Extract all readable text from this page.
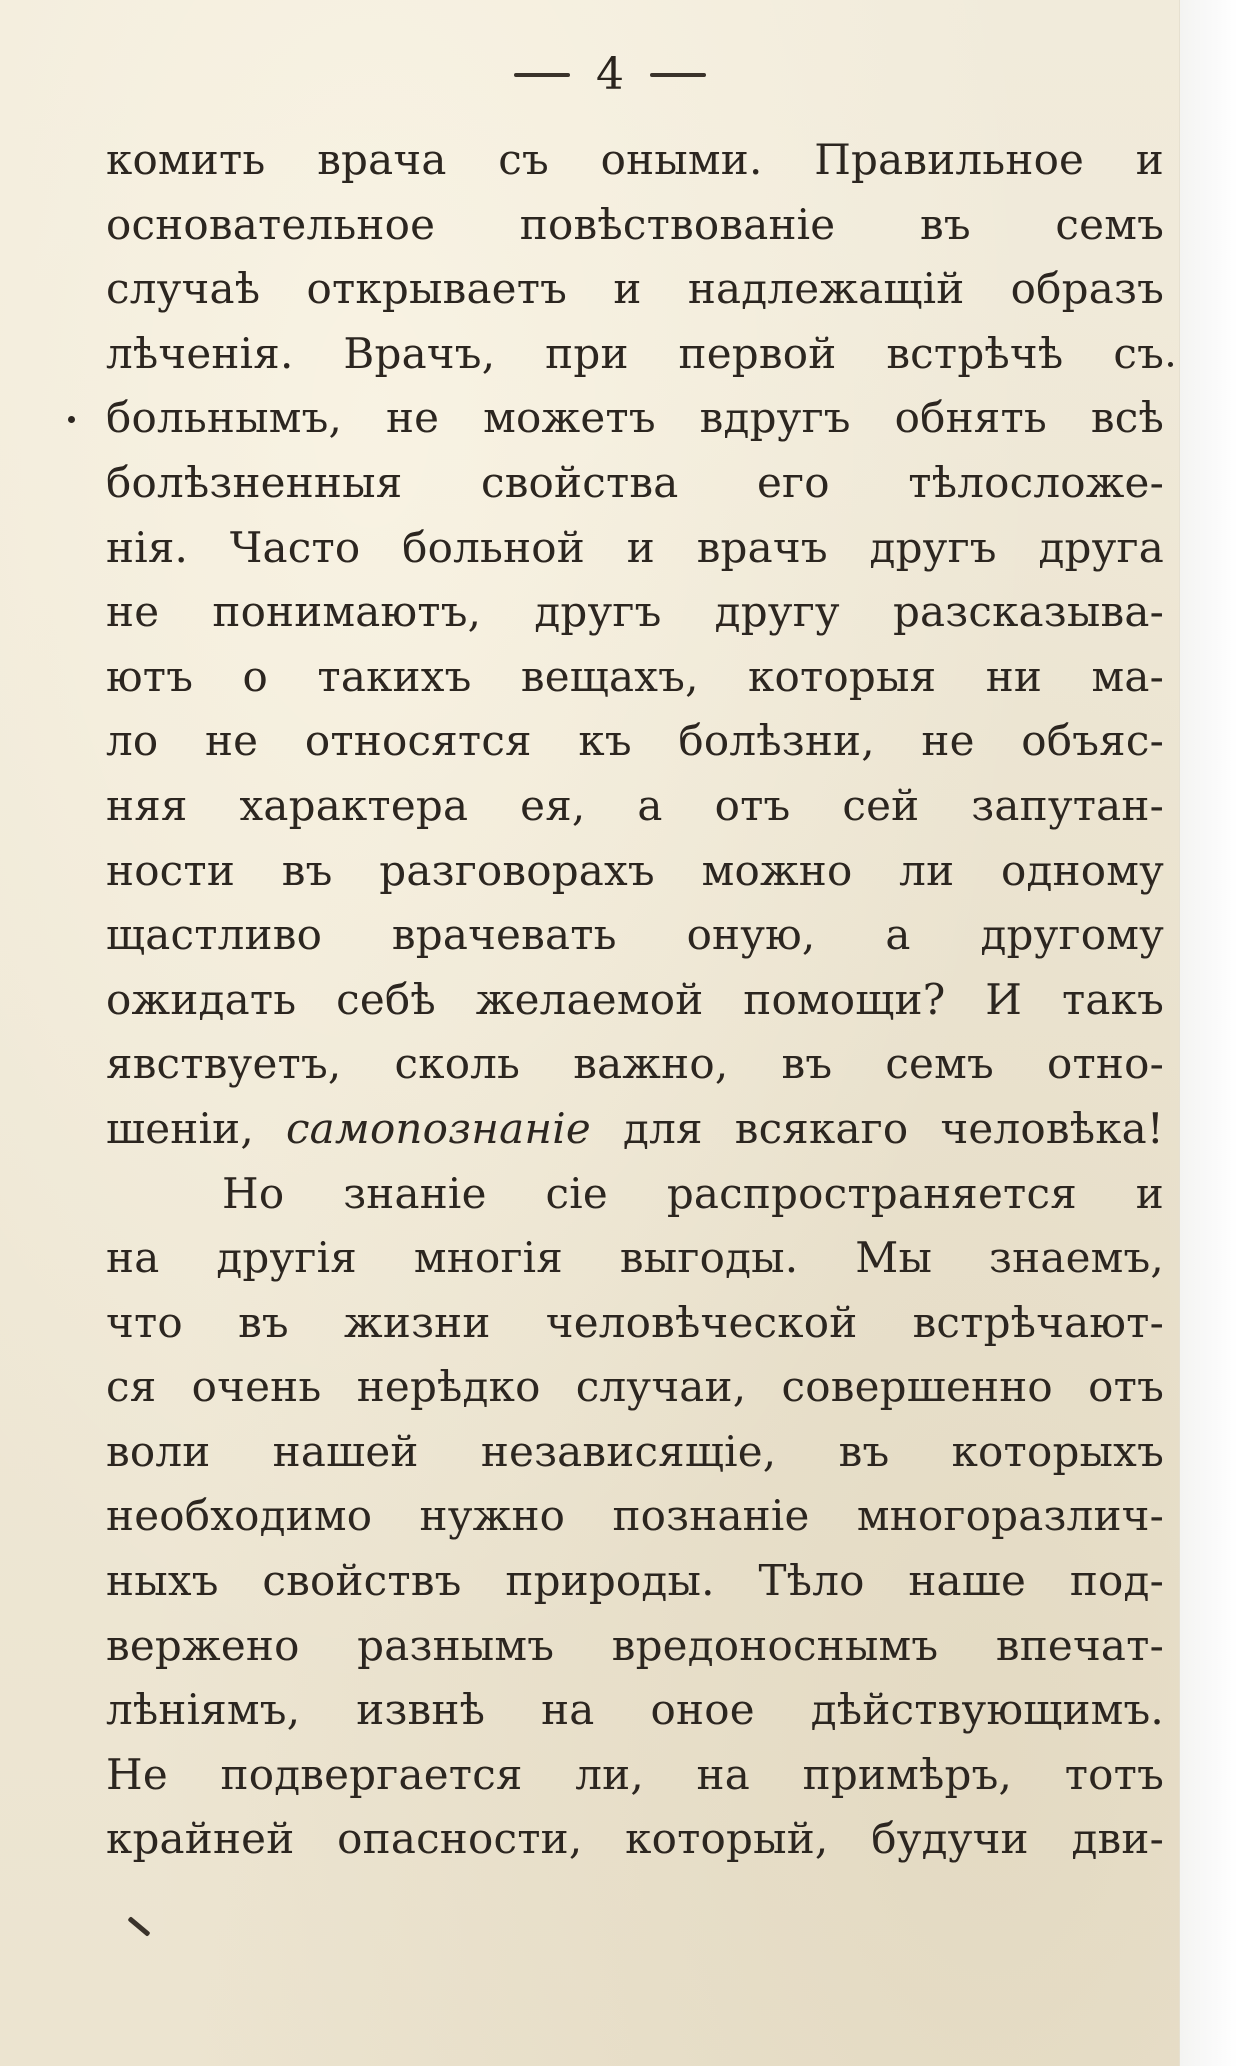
4
комить врача съ оными. Правильное и
основательное повѣствованіе въ семъ
случаѣ открываетъ и надлежащій образъ
лѣченія. Врачъ, при первой встрѣчѣ съ
больнымъ, не можетъ вдругъ обнять всѣ
болѣзненныя свойства его тѣлосложе-
нія. Часто больной и врачъ другъ друга
не понимаютъ, другъ другу разсказыва-
ютъ о такихъ вещахъ, которыя ни ма-
ло не относятся къ болѣзни, не объяс-
няя характера ея, а отъ сей запутан-
ности въ разговорахъ можно ли одному
щастливо врачевать оную, а другому
ожидать себѣ желаемой помощи? И такъ
явствуетъ, сколь важно, въ семъ отно-
шеніи, самопознаніе для всякаго человѣка!
Но знаніе сіе распространяется и
на другія многія выгоды. Мы знаемъ,
что въ жизни человѣческой встрѣчают-
ся очень нерѣдко случаи, совершенно отъ
воли нашей независящіе, въ которыхъ
необходимо нужно познаніе многоразлич-
ныхъ свойствъ природы. Тѣло наше под-
вержено разнымъ вредоноснымъ впечат-
лѣніямъ, извнѣ на оное дѣйствующимъ.
Не подвергается ли, на примѣръ, тотъ
крайней опасности, который, будучи дви-
